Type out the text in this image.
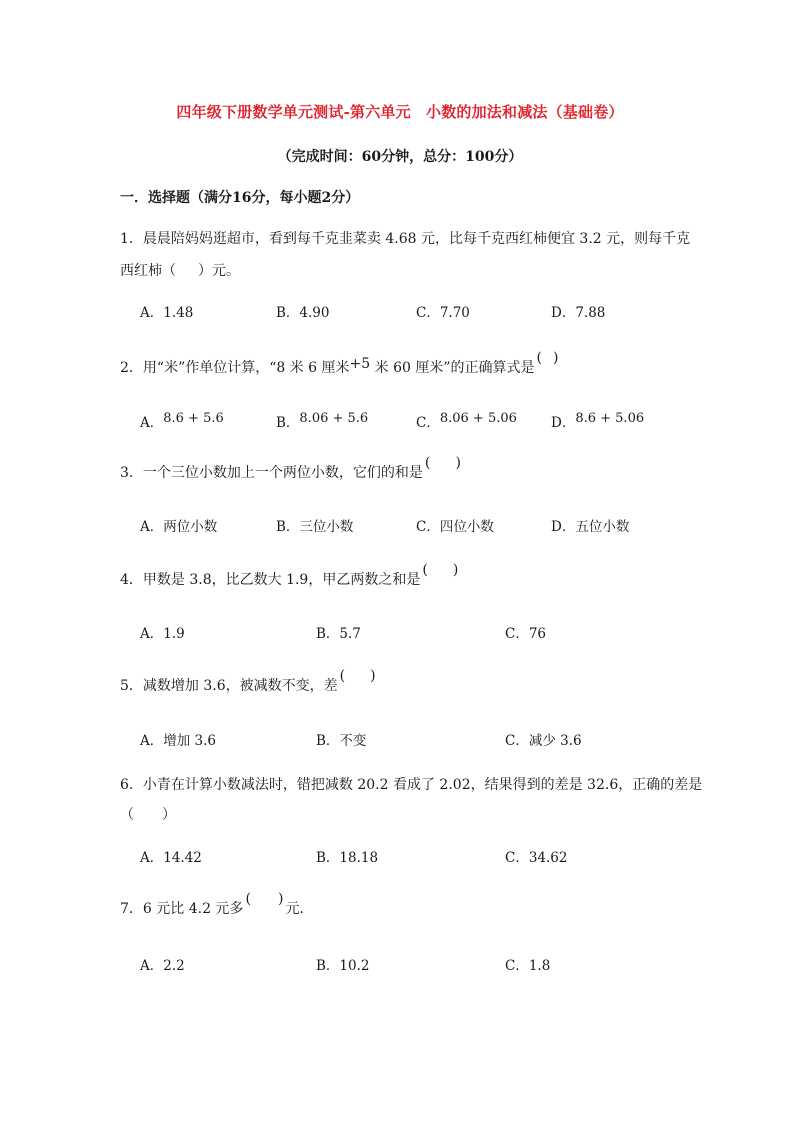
四年级下册数学单元测试-第六单元　小数的加法和减法（基础卷）
（完成时间：60分钟，总分：100分）
一．选择题（满分16分，每小题2分）
1．晨晨陪妈妈逛超市，看到每千克韭菜卖 4.68 元，比每千克西红柿便宜 3.2 元，则每千克
西红柿（ ）元。
A．1.48	B．4.90	C．7.70	D．7.88
2．用“米”作单位计算，“8 米 6 厘米+5 米 60 厘米”的正确算式是
( )
A．8.6 + 5.6	B．8.06 + 5.6	C．8.06 + 5.06	D．8.6 + 5.06
3．一个三位小数加上一个两位小数，它们的和是
( )
A．两位小数	B．三位小数	C．四位小数	D．五位小数
4．甲数是 3.8，比乙数大 1.9，甲乙两数之和是
( )
A．1.9	B．5.7	C．76
5．减数增加 3.6，被减数不变，差
( )
A．增加 3.6	B．不变	C．减少 3.6
6．小青在计算小数减法时，错把减数 20.2 看成了 2.02，结果得到的差是 32.6，正确的差是
（　　）
A．14.42	B．18.18	C．34.62
7．6 元比 4.2 元多
( )
元.
A．2.2	B．10.2	C．1.8
